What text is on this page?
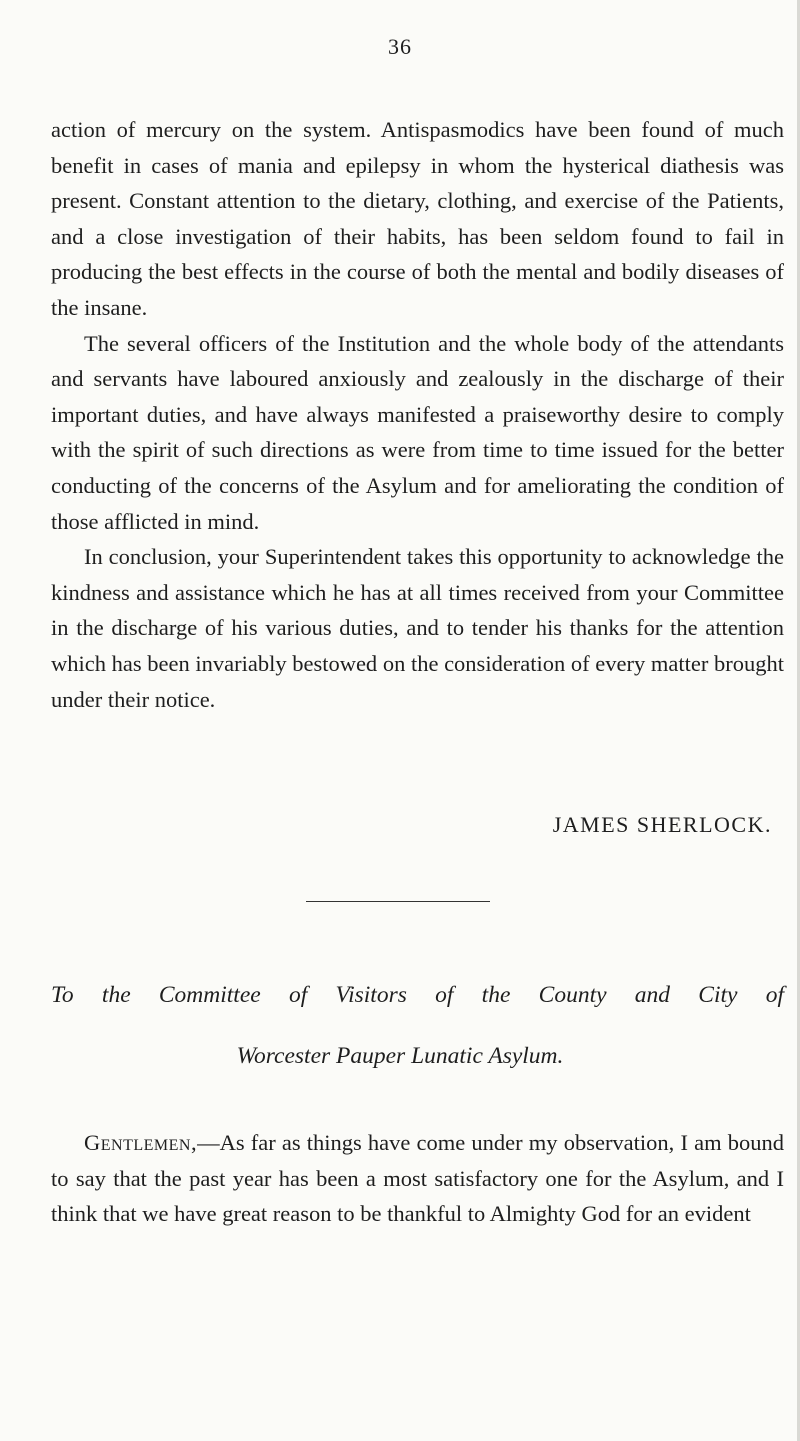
36

action of mercury on the system. Antispasmodics have been found of much benefit in cases of mania and epilepsy in whom the hysterical diathesis was present. Constant attention to the dietary, clothing, and exercise of the Patients, and a close investigation of their habits, has been seldom found to fail in producing the best effects in the course of both the mental and bodily diseases of the insane.

The several officers of the Institution and the whole body of the attendants and servants have laboured anxiously and zealously in the discharge of their important duties, and have always manifested a praiseworthy desire to comply with the spirit of such directions as were from time to time issued for the better conducting of the concerns of the Asylum and for ameliorating the condition of those afflicted in mind.

In conclusion, your Superintendent takes this opportunity to acknowledge the kindness and assistance which he has at all times received from your Committee in the discharge of his various duties, and to tender his thanks for the attention which has been invariably bestowed on the consideration of every matter brought under their notice.

JAMES SHERLOCK.
To the Committee of Visitors of the County and City of
Worcester Pauper Lunatic Asylum.
Gentlemen,—As far as things have come under my observation, I am bound to say that the past year has been a most satisfactory one for the Asylum, and I think that we have great reason to be thankful to Almighty God for an evident
